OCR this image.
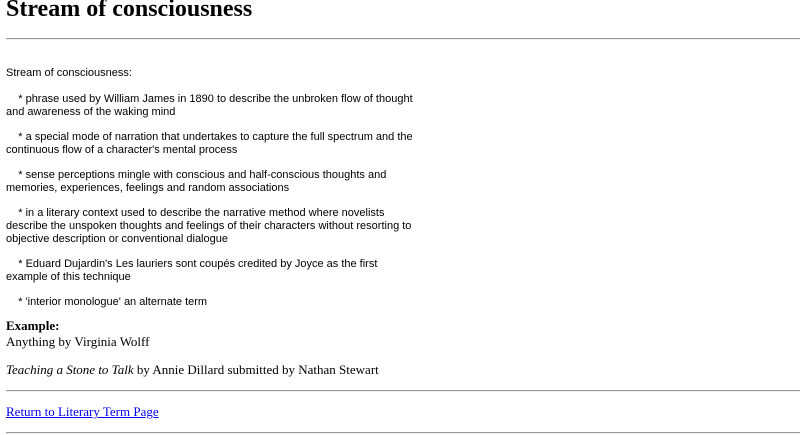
Stream of consciousness

Stream of consciousness:

* phrase used by William James in 1890 to describe the unbroken flow of thought and awareness of the waking mind

* a special mode of narration that undertakes to capture the full spectrum and the continuous flow of a character's mental process

* sense perceptions mingle with conscious and half-conscious thoughts and memories, experiences, feelings and random associations

* in a literary context used to describe the narrative method where novelists describe the unspoken thoughts and feelings of their characters without resorting to objective description or conventional dialogue

* Eduard Dujardin's Les lauriers sont coupés credited by Joyce as the first example of this technique

* 'interior monologue' an alternate term

Example:
Anything by Virginia Wolff
Teaching a Stone to Talk by Annie Dillard submitted by Nathan Stewart
Return to Literary Term Page
